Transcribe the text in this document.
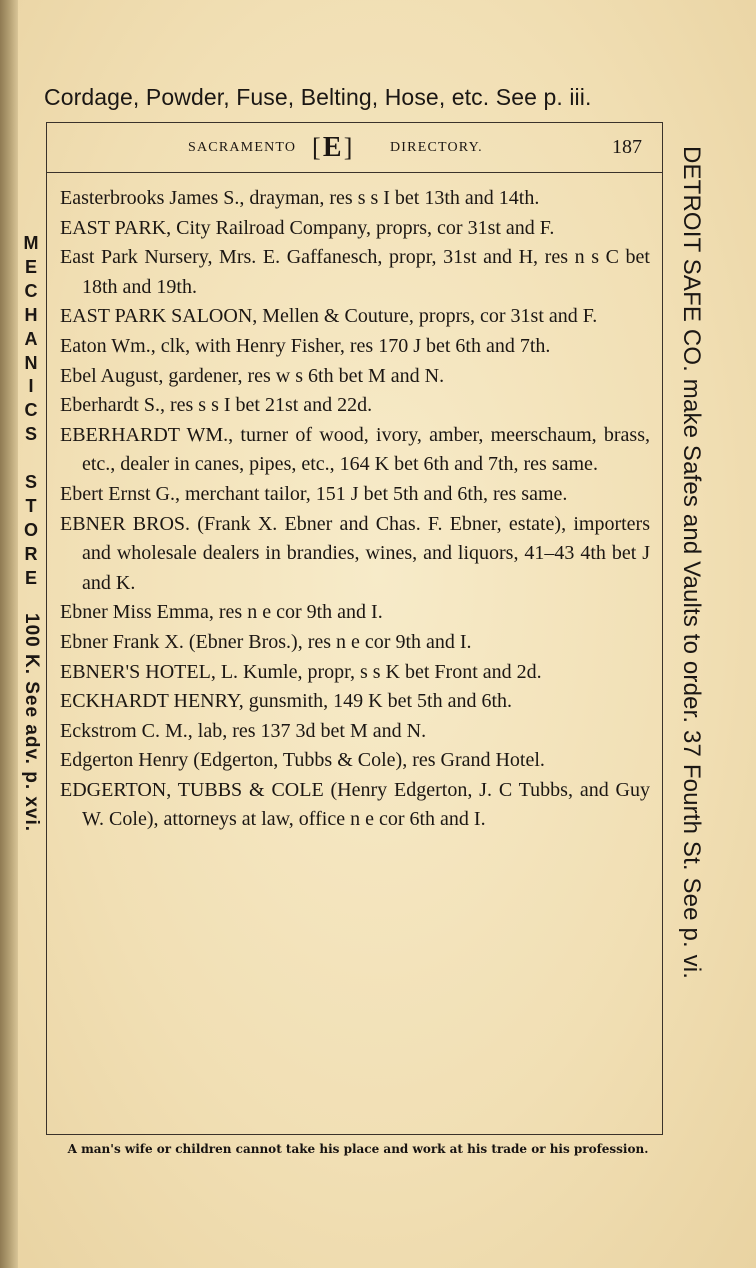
Cordage, Powder, Fuse, Belting, Hose, etc. See p. iii.
SACRAMENTO [ E ]	DIRECTORY.	187
Easterbrooks James S., drayman, res s s I bet 13th and 14th.
EAST PARK, City Railroad Company, proprs, cor 31st and F.
East Park Nursery, Mrs. E. Gaffanesch, propr, 31st and H, res n s C bet 18th and 19th.
EAST PARK SALOON, Mellen & Couture, proprs, cor 31st and F.
Eaton Wm., clk, with Henry Fisher, res 170 J bet 6th and 7th.
Ebel August, gardener, res w s 6th bet M and N.
Eberhardt S., res s s I bet 21st and 22d.
EBERHARDT WM., turner of wood, ivory, amber, meerschaum, brass, etc., dealer in canes, pipes, etc., 164 K bet 6th and 7th, res same.
Ebert Ernst G., merchant tailor, 151 J bet 5th and 6th, res same.
EBNER BROS. (Frank X. Ebner and Chas. F. Ebner, estate), importers and wholesale dealers in brandies, wines, and liquors, 41–43 4th bet J and K.
Ebner Miss Emma, res n e cor 9th and I.
Ebner Frank X. (Ebner Bros.), res n e cor 9th and I.
EBNER'S HOTEL, L. Kumle, propr, s s K bet Front and 2d.
ECKHARDT HENRY, gunsmith, 149 K bet 5th and 6th.
Eckstrom C. M., lab, res 137 3d bet M and N.
Edgerton Henry (Edgerton, Tubbs & Cole), res Grand Hotel.
EDGERTON, TUBBS & COLE (Henry Edgerton, J. C Tubbs, and Guy W. Cole), attorneys at law, office n e cor 6th and I.
A man's wife or children cannot take his place and work at his trade or his profession.
M
E
C
H
A
N
I
C
S

S
T
O
R
E
100 K. See adv. p. xvi.	DETROIT SAFE CO. make Safes and Vaults to order. 37 Fourth St. See p. vi.
